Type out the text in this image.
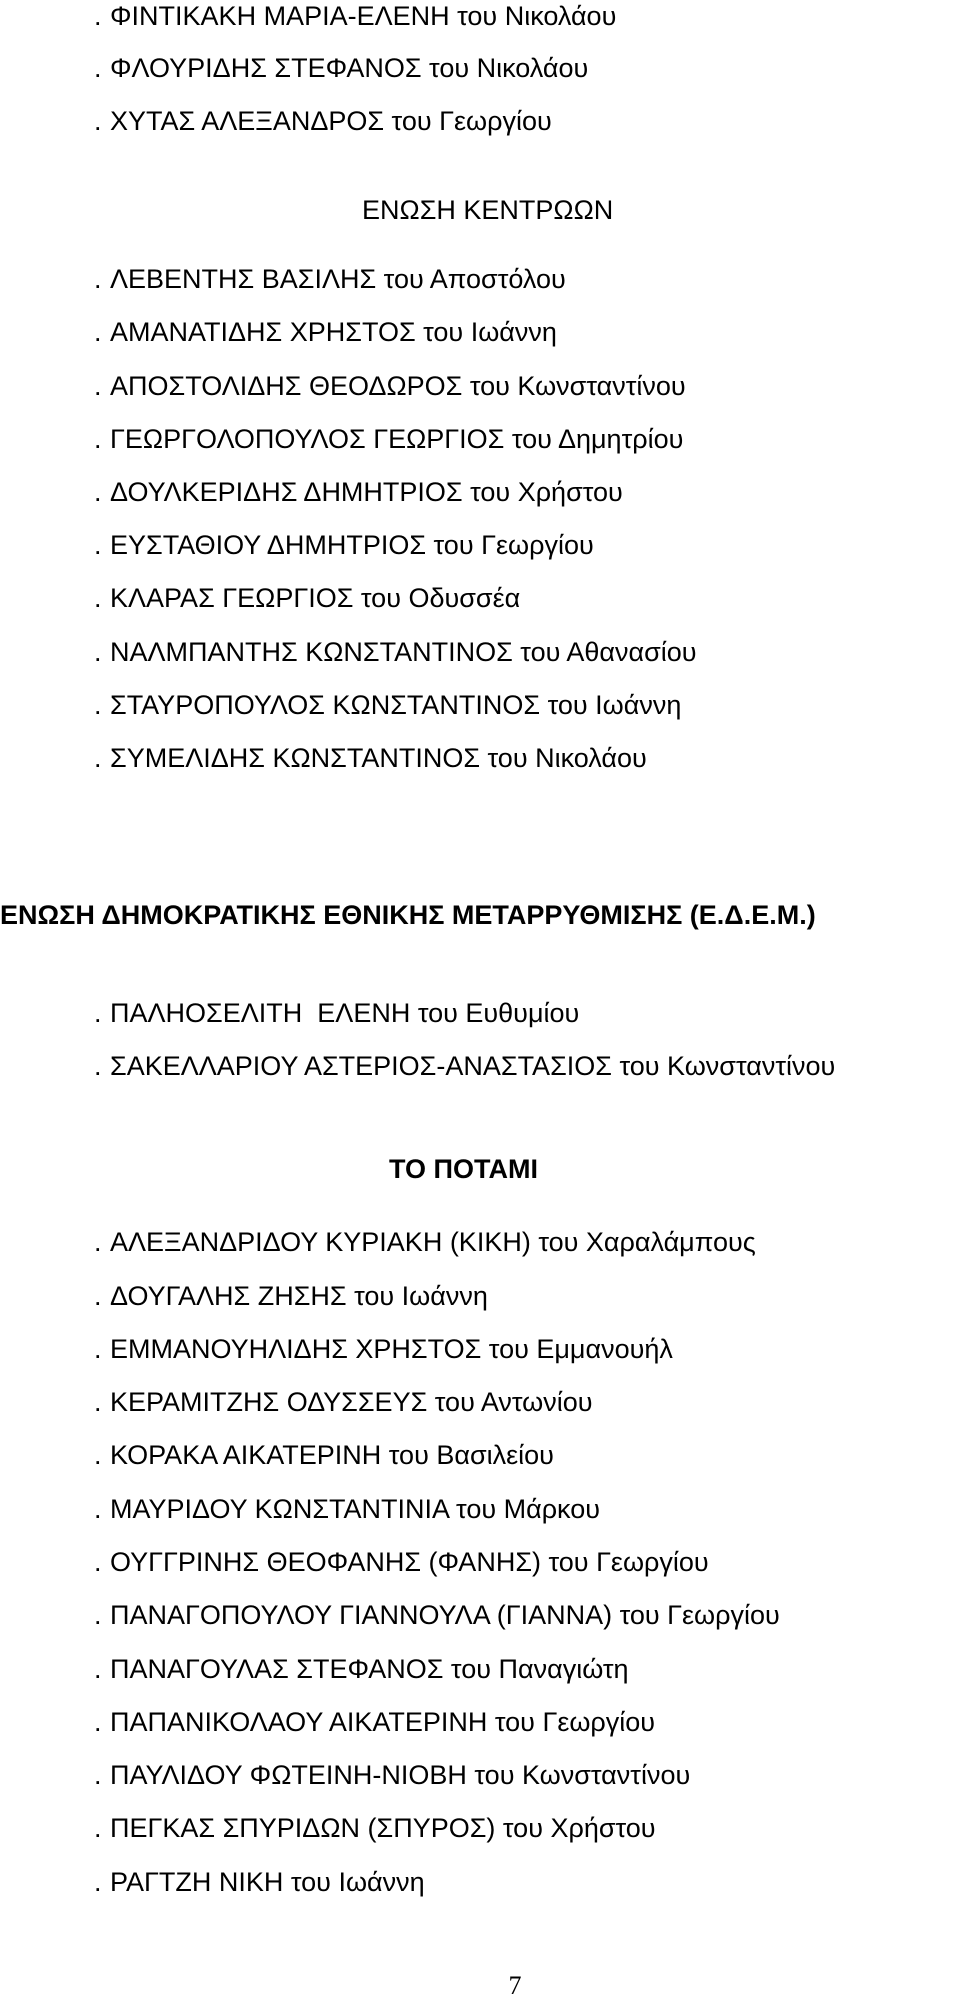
. ΦΙΝΤΙΚΑΚΗ ΜΑΡΙΑ-ΕΛΕΝΗ του Νικολάου
. ΦΛΟΥΡΙΔΗΣ ΣΤΕΦΑΝΟΣ του Νικολάου
. ΧΥΤΑΣ ΑΛΕΞΑΝΔΡΟΣ του Γεωργίου
ΕΝΩΣΗ ΚΕΝΤΡΩΩΝ
. ΛΕΒΕΝΤΗΣ ΒΑΣΙΛΗΣ του Αποστόλου
. ΑΜΑΝΑΤΙΔΗΣ ΧΡΗΣΤΟΣ του Ιωάννη
. ΑΠΟΣΤΟΛΙΔΗΣ ΘΕΟΔΩΡΟΣ του Κωνσταντίνου
. ΓΕΩΡΓΟΛΟΠΟΥΛΟΣ ΓΕΩΡΓΙΟΣ του Δημητρίου
. ΔΟΥΛΚΕΡΙΔΗΣ ΔΗΜΗΤΡΙΟΣ του Χρήστου
. ΕΥΣΤΑΘΙΟΥ ΔΗΜΗΤΡΙΟΣ του Γεωργίου
. ΚΛΑΡΑΣ ΓΕΩΡΓΙΟΣ του Οδυσσέα
. ΝΑΛΜΠΑΝΤΗΣ ΚΩΝΣΤΑΝΤΙΝΟΣ του Αθανασίου
. ΣΤΑΥΡΟΠΟΥΛΟΣ ΚΩΝΣΤΑΝΤΙΝΟΣ του Ιωάννη
. ΣΥΜΕΛΙΔΗΣ ΚΩΝΣΤΑΝΤΙΝΟΣ του Νικολάου
ΕΝΩΣΗ ΔΗΜΟΚΡΑΤΙΚΗΣ ΕΘΝΙΚΗΣ ΜΕΤΑΡΡΥΘΜΙΣΗΣ (Ε.Δ.Ε.Μ.)
. ΠΑΛΗΟΣΕΛΙΤΗ  ΕΛΕΝΗ του Ευθυμίου
. ΣΑΚΕΛΛΑΡΙΟΥ ΑΣΤΕΡΙΟΣ-ΑΝΑΣΤΑΣΙΟΣ του Κωνσταντίνου
ΤΟ ΠΟΤΑΜΙ
. ΑΛΕΞΑΝΔΡΙΔΟΥ ΚΥΡΙΑΚΗ (ΚΙΚΗ) του Χαραλάμπους
. ΔΟΥΓΑΛΗΣ ΖΗΣΗΣ του Ιωάννη
. ΕΜΜΑΝΟΥΗΛΙΔΗΣ ΧΡΗΣΤΟΣ του Εμμανουήλ
. ΚΕΡΑΜΙΤΖΗΣ ΟΔΥΣΣΕΥΣ του Αντωνίου
. ΚΟΡΑΚΑ ΑΙΚΑΤΕΡΙΝΗ του Βασιλείου
. ΜΑΥΡΙΔΟΥ ΚΩΝΣΤΑΝΤΙΝΙΑ του Μάρκου
. ΟΥΓΓΡΙΝΗΣ ΘΕΟΦΑΝΗΣ (ΦΑΝΗΣ) του Γεωργίου
. ΠΑΝΑΓΟΠΟΥΛΟΥ ΓΙΑΝΝΟΥΛΑ (ΓΙΑΝΝΑ) του Γεωργίου
. ΠΑΝΑΓΟΥΛΑΣ ΣΤΕΦΑΝΟΣ του Παναγιώτη
. ΠΑΠΑΝΙΚΟΛΑΟΥ ΑΙΚΑΤΕΡΙΝΗ του Γεωργίου
. ΠΑΥΛΙΔΟΥ ΦΩΤΕΙΝΗ-ΝΙΟΒΗ του Κωνσταντίνου
. ΠΕΓΚΑΣ ΣΠΥΡΙΔΩΝ (ΣΠΥΡΟΣ) του Χρήστου
. ΡΑΓΤΖΗ ΝΙΚΗ του Ιωάννη
7
